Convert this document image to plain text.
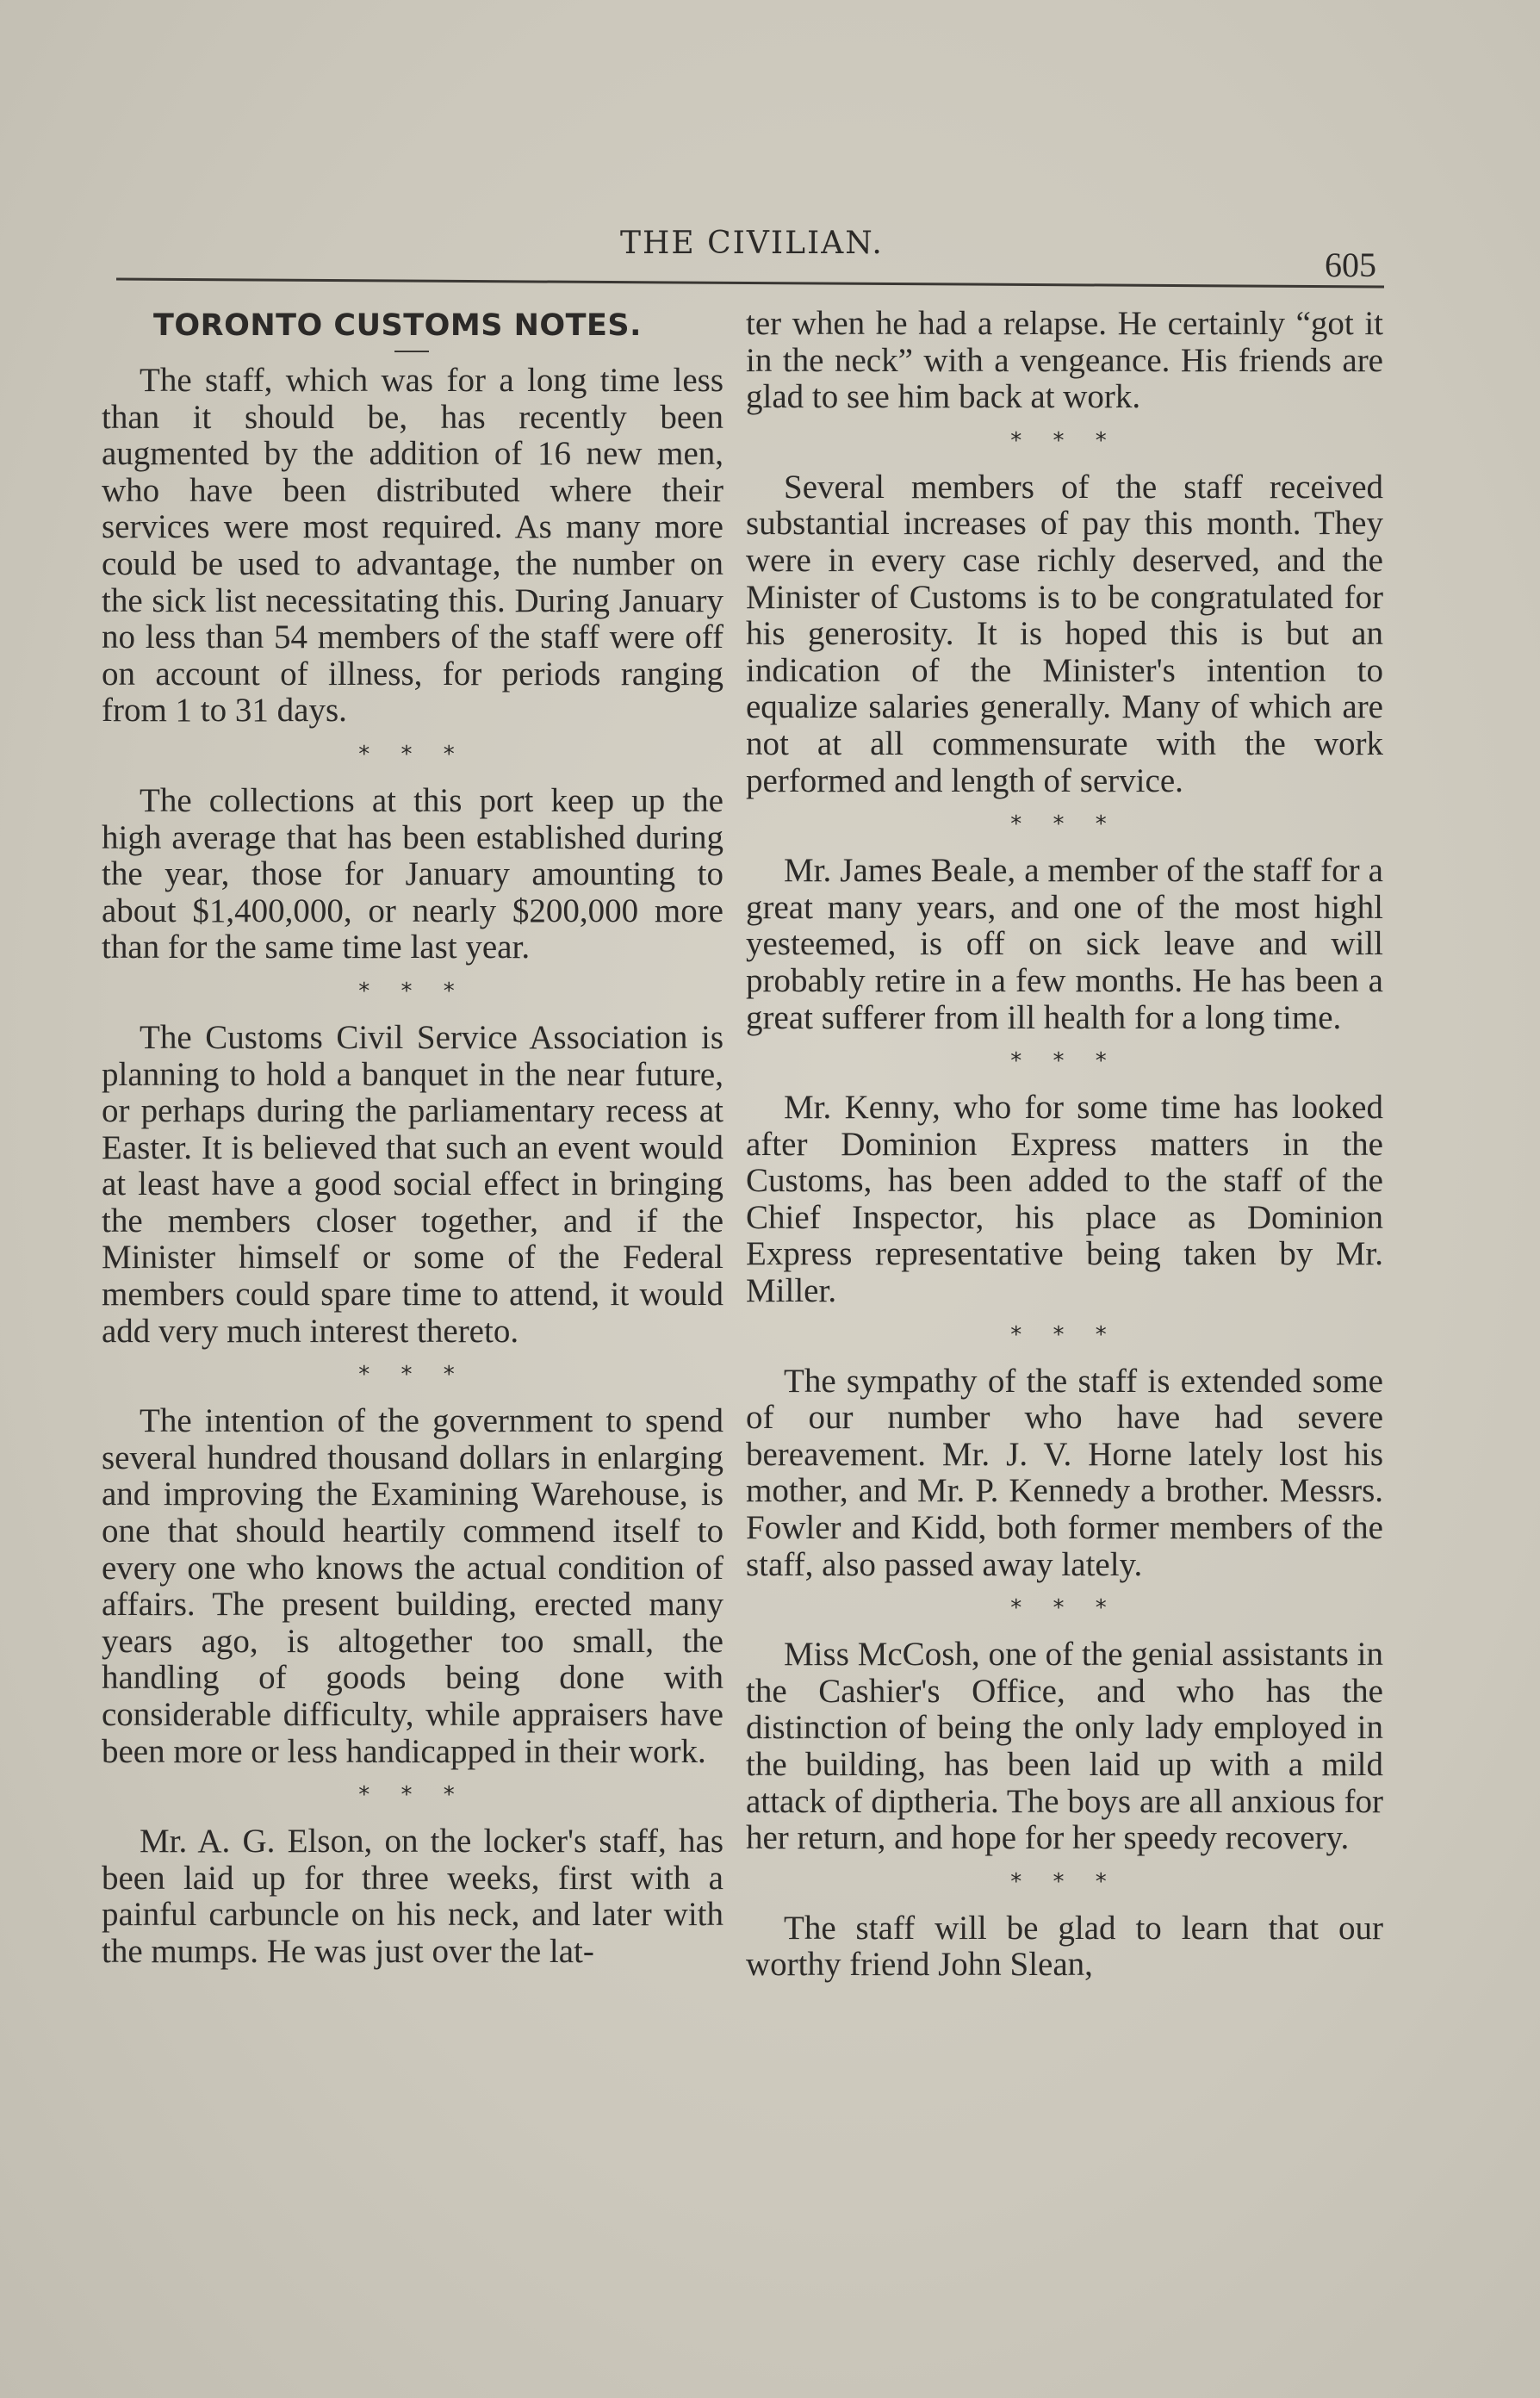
THE CIVILIAN.
605
TORONTO CUSTOMS NOTES.

The staff, which was for a long time less than it should be, has recently been augmented by the addition of 16 new men, who have been distributed where their services were most required. As many more could be used to advantage, the number on the sick list necessitating this. During January no less than 54 members of the staff were off on account of illness, for periods ranging from 1 to 31 days.

* * *

The collections at this port keep up the high average that has been established during the year, those for January amounting to about $1,400,000, or nearly $200,000 more than for the same time last year.

* * *

The Customs Civil Service Association is planning to hold a banquet in the near future, or perhaps during the parliamentary recess at Easter. It is believed that such an event would at least have a good social effect in bringing the members closer together, and if the Minister himself or some of the Federal members could spare time to attend, it would add very much interest thereto.

* * *

The intention of the government to spend several hundred thousand dollars in enlarging and improving the Examining Warehouse, is one that should heartily commend itself to every one who knows the actual condition of affairs. The present building, erected many years ago, is altogether too small, the handling of goods being done with considerable difficulty, while appraisers have been more or less handicapped in their work.

* * *

Mr. A. G. Elson, on the locker's staff, has been laid up for three weeks, first with a painful carbuncle on his neck, and later with the mumps. He was just over the lat-

ter when he had a relapse. He certainly “got it in the neck” with a vengeance. His friends are glad to see him back at work.

* * *

Several members of the staff received substantial increases of pay this month. They were in every case richly deserved, and the Minister of Customs is to be congratulated for his generosity. It is hoped this is but an indication of the Minister's intention to equalize salaries generally. Many of which are not at all commensurate with the work performed and length of service.

* * *

Mr. James Beale, a member of the staff for a great many years, and one of the most highl yesteemed, is off on sick leave and will probably retire in a few months. He has been a great sufferer from ill health for a long time.

* * *

Mr. Kenny, who for some time has looked after Dominion Express matters in the Customs, has been added to the staff of the Chief Inspector, his place as Dominion Express representative being taken by Mr. Miller.

* * *

The sympathy of the staff is extended some of our number who have had severe bereavement. Mr. J. V. Horne lately lost his mother, and Mr. P. Kennedy a brother. Messrs. Fowler and Kidd, both former members of the staff, also passed away lately.

* * *

Miss McCosh, one of the genial assistants in the Cashier's Office, and who has the distinction of being the only lady employed in the building, has been laid up with a mild attack of diptheria. The boys are all anxious for her return, and hope for her speedy recovery.

* * *

The staff will be glad to learn that our worthy friend John Slean,
